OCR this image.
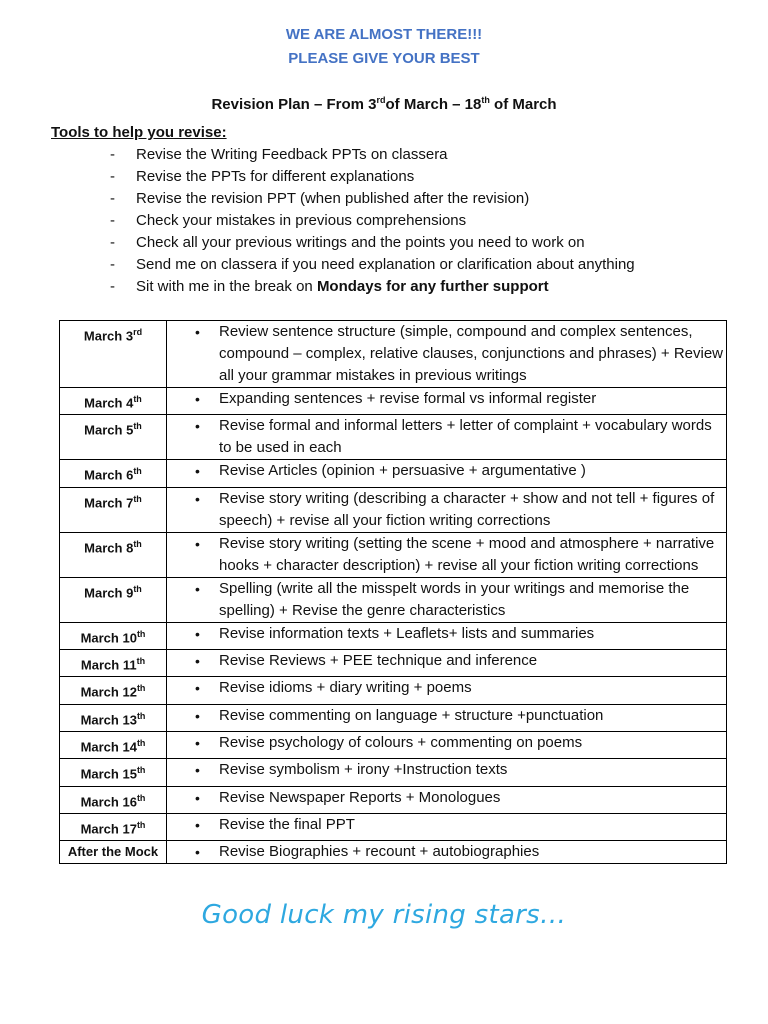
WE ARE ALMOST THERE!!!
PLEASE GIVE YOUR BEST
Revision Plan – From 3rdof March – 18th of March
Tools to help you revise:
- Revise the Writing Feedback PPTs on classera
- Revise the PPTs for different explanations
- Revise the revision PPT (when published after the revision)
- Check your mistakes in previous comprehensions
- Check all your previous writings and the points you need to work on
- Send me on classera if you need explanation or clarification about anything
- Sit with me in the break on Mondays for any further support
March 3rd	• Review sentence structure (simple, compound and complex sentences, compound – complex, relative clauses, conjunctions and phrases) + Review all your grammar mistakes in previous writings

March 4th	• Expanding sentences + revise formal vs informal register

March 5th	• Revise formal and informal letters + letter of complaint + vocabulary words to be used in each

March 6th	• Revise Articles (opinion + persuasive + argumentative )

March 7th	• Revise story writing (describing a character + show and not tell + figures of speech) + revise all your fiction writing corrections

March 8th	• Revise story writing (setting the scene + mood and atmosphere + narrative hooks + character description) + revise all your fiction writing corrections

March 9th	• Spelling (write all the misspelt words in your writings and memorise the spelling) + Revise the genre characteristics

March 10th	• Revise information texts + Leaflets+ lists and summaries

March 11th	• Revise Reviews + PEE technique and inference

March 12th	• Revise idioms + diary writing + poems

March 13th	• Revise commenting on language + structure +punctuation

March 14th	• Revise psychology of colours + commenting on poems

March 15th	• Revise symbolism + irony +Instruction texts

March 16th	• Revise Newspaper Reports + Monologues

March 17th	• Revise the final PPT

After the Mock	• Revise Biographies + recount + autobiographies
Good luck my rising stars…
